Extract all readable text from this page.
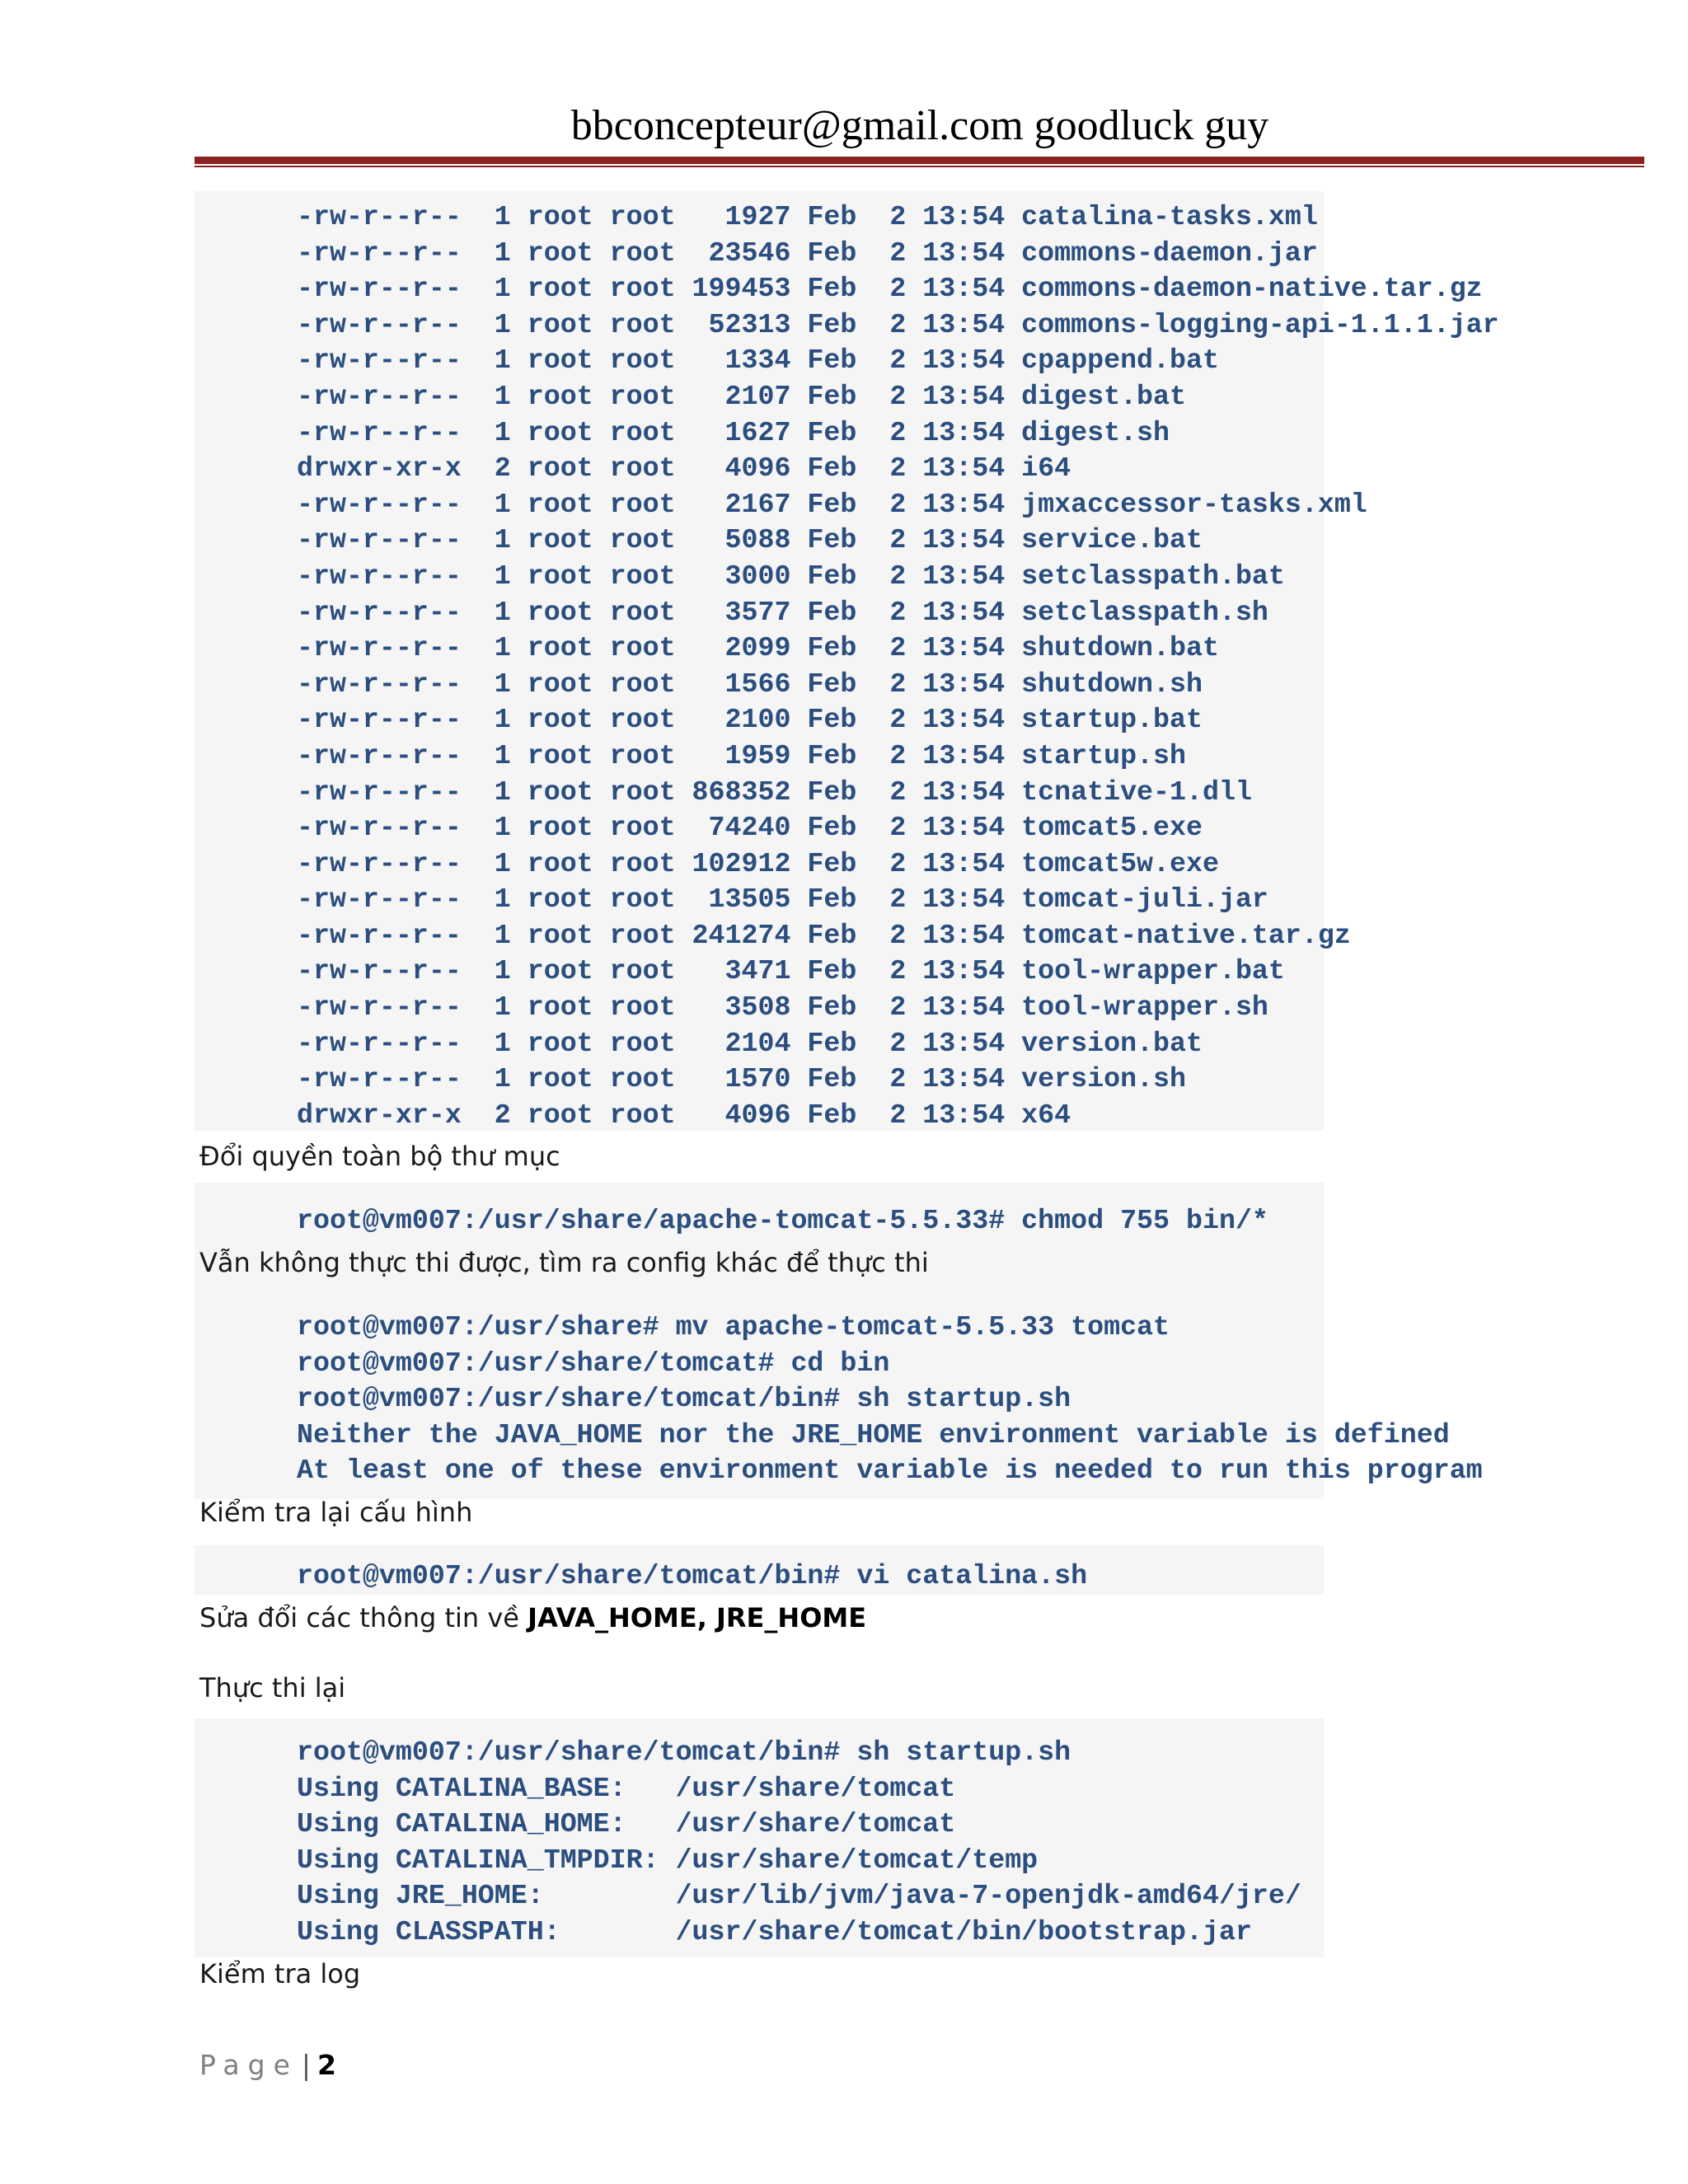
bbconcepteur@gmail.com goodluck guy
-rw-r--r--  1 root root   1927 Feb  2 13:54 catalina-tasks.xml
-rw-r--r--  1 root root  23546 Feb  2 13:54 commons-daemon.jar
-rw-r--r--  1 root root 199453 Feb  2 13:54 commons-daemon-native.tar.gz
-rw-r--r--  1 root root  52313 Feb  2 13:54 commons-logging-api-1.1.1.jar
-rw-r--r--  1 root root   1334 Feb  2 13:54 cpappend.bat
-rw-r--r--  1 root root   2107 Feb  2 13:54 digest.bat
-rw-r--r--  1 root root   1627 Feb  2 13:54 digest.sh
drwxr-xr-x  2 root root   4096 Feb  2 13:54 i64
-rw-r--r--  1 root root   2167 Feb  2 13:54 jmxaccessor-tasks.xml
-rw-r--r--  1 root root   5088 Feb  2 13:54 service.bat
-rw-r--r--  1 root root   3000 Feb  2 13:54 setclasspath.bat
-rw-r--r--  1 root root   3577 Feb  2 13:54 setclasspath.sh
-rw-r--r--  1 root root   2099 Feb  2 13:54 shutdown.bat
-rw-r--r--  1 root root   1566 Feb  2 13:54 shutdown.sh
-rw-r--r--  1 root root   2100 Feb  2 13:54 startup.bat
-rw-r--r--  1 root root   1959 Feb  2 13:54 startup.sh
-rw-r--r--  1 root root 868352 Feb  2 13:54 tcnative-1.dll
-rw-r--r--  1 root root  74240 Feb  2 13:54 tomcat5.exe
-rw-r--r--  1 root root 102912 Feb  2 13:54 tomcat5w.exe
-rw-r--r--  1 root root  13505 Feb  2 13:54 tomcat-juli.jar
-rw-r--r--  1 root root 241274 Feb  2 13:54 tomcat-native.tar.gz
-rw-r--r--  1 root root   3471 Feb  2 13:54 tool-wrapper.bat
-rw-r--r--  1 root root   3508 Feb  2 13:54 tool-wrapper.sh
-rw-r--r--  1 root root   2104 Feb  2 13:54 version.bat
-rw-r--r--  1 root root   1570 Feb  2 13:54 version.sh
drwxr-xr-x  2 root root   4096 Feb  2 13:54 x64
Đổi quyền toàn bộ thư mục
root@vm007:/usr/share/apache-tomcat-5.5.33# chmod 755 bin/*
Vẫn không thực thi được, tìm ra config khác để thực thi
root@vm007:/usr/share# mv apache-tomcat-5.5.33 tomcat
root@vm007:/usr/share/tomcat# cd bin
root@vm007:/usr/share/tomcat/bin# sh startup.sh
Neither the JAVA_HOME nor the JRE_HOME environment variable is defined
At least one of these environment variable is needed to run this program
Kiểm tra lại cấu hình
root@vm007:/usr/share/tomcat/bin# vi catalina.sh
Sửa đổi các thông tin về JAVA_HOME, JRE_HOME
Thực thi lại
root@vm007:/usr/share/tomcat/bin# sh startup.sh
Using CATALINA_BASE:   /usr/share/tomcat
Using CATALINA_HOME:   /usr/share/tomcat
Using CATALINA_TMPDIR: /usr/share/tomcat/temp
Using JRE_HOME:        /usr/lib/jvm/java-7-openjdk-amd64/jre/
Using CLASSPATH:       /usr/share/tomcat/bin/bootstrap.jar
Kiểm tra log
Page | 2
